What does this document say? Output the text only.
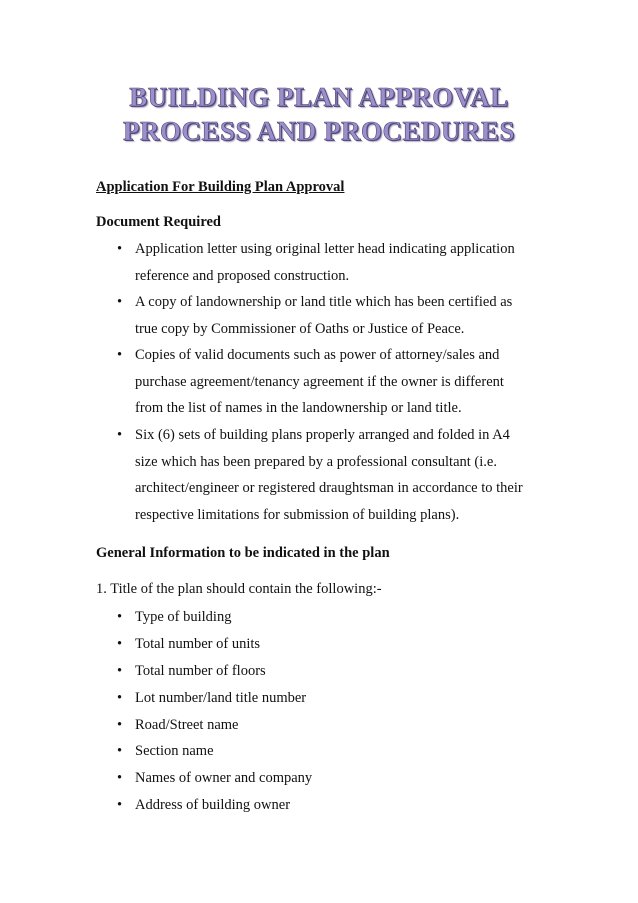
BUILDING PLAN APPROVAL
PROCESS AND PROCEDURES
Application For Building Plan Approval
Document Required
• Application letter using original letter head indicating application
reference and proposed construction.
• A copy of landownership or land title which has been certified as
true copy by Commissioner of Oaths or Justice of Peace.
• Copies of valid documents such as power of attorney/sales and
purchase agreement/tenancy agreement if the owner is different
from the list of names in the landownership or land title.
• Six (6) sets of building plans properly arranged and folded in A4
size which has been prepared by a professional consultant (i.e.
architect/engineer or registered draughtsman in accordance to their
respective limitations for submission of building plans).
General Information to be indicated in the plan
1. Title of the plan should contain the following:-
• Type of building
• Total number of units
• Total number of floors
• Lot number/land title number
• Road/Street name
• Section name
• Names of owner and company
• Address of building owner
